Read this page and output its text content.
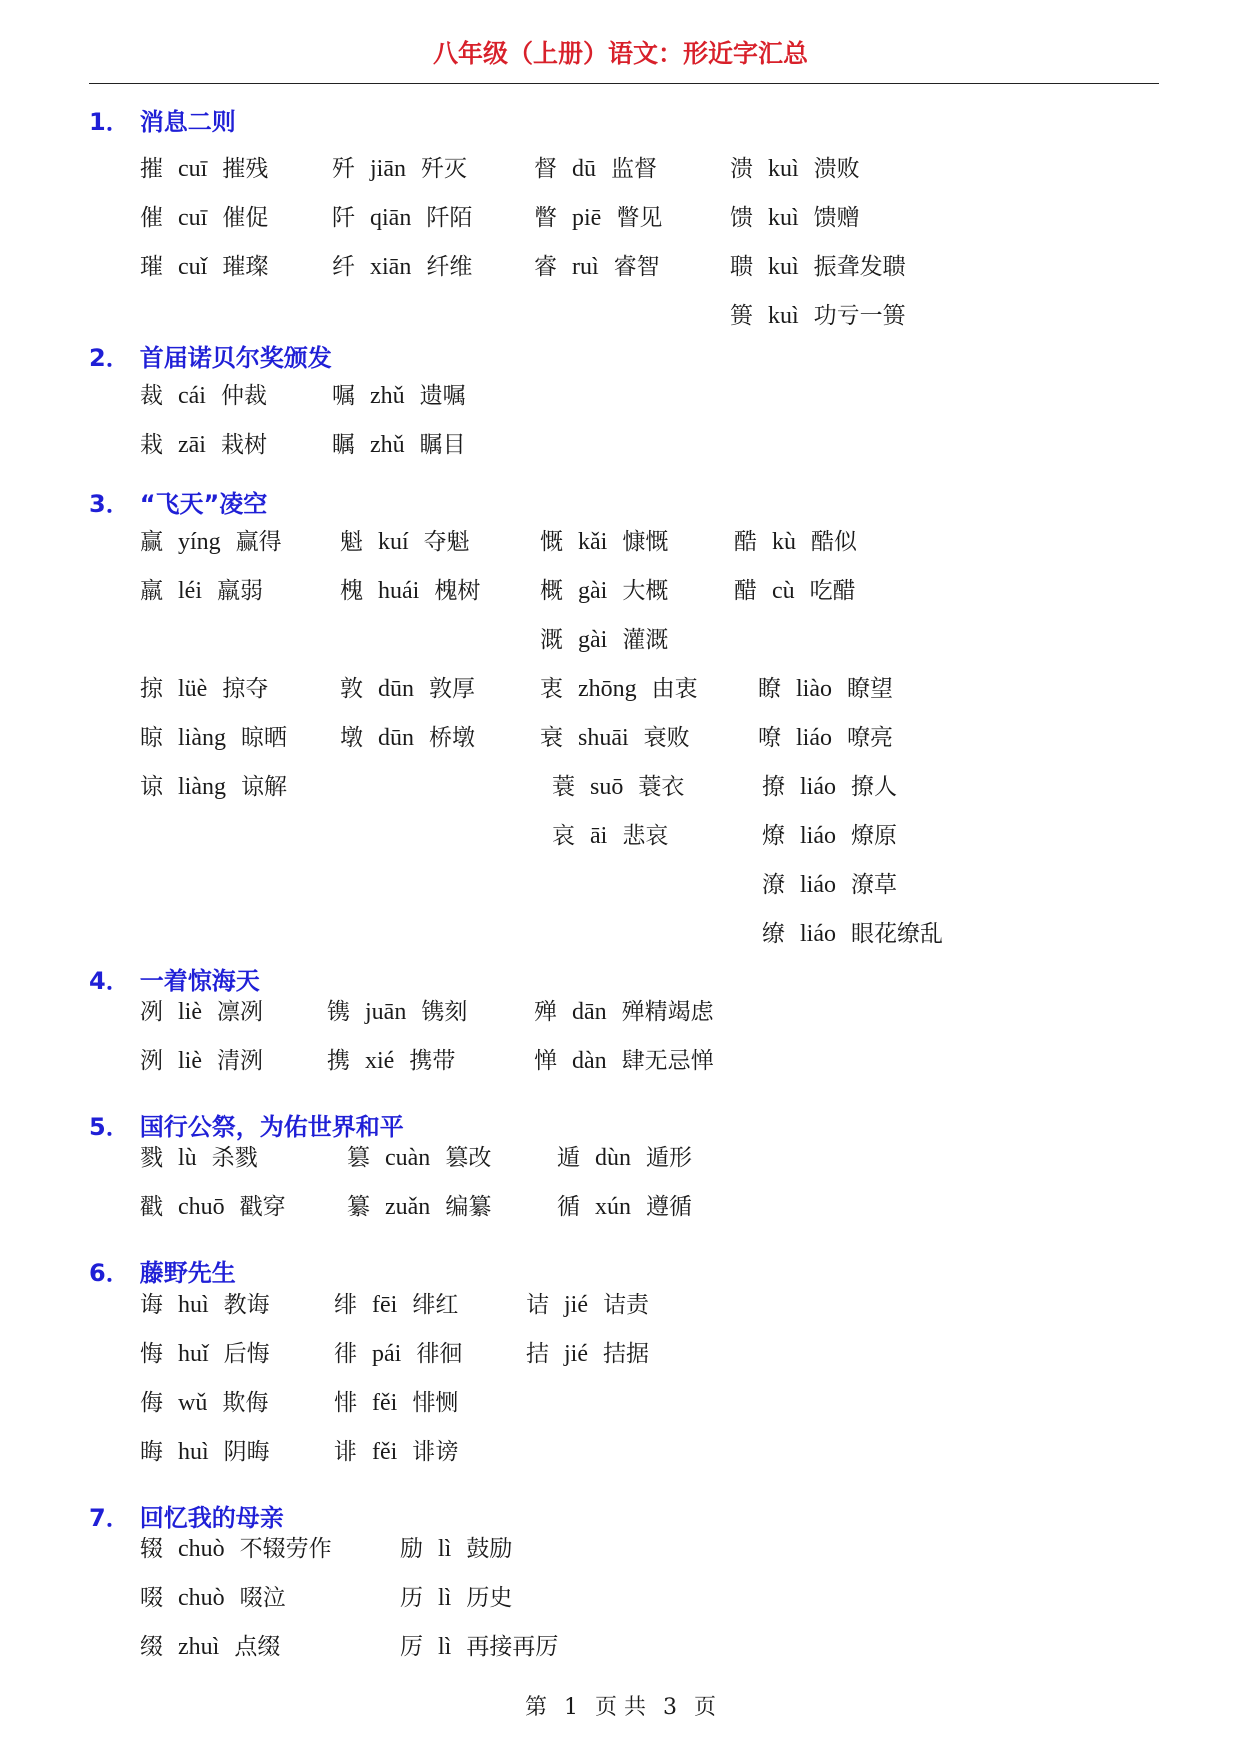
八年级（上册）语文：形近字汇总
1． 消息二则
摧 cuī 摧残
催 cuī 催促
璀 cuǐ 璀璨
歼 jiān 歼灭
阡 qiān 阡陌
纤 xiān 纤维
督 dū 监督
瞥 piē 瞥见
睿 ruì 睿智
溃 kuì 溃败
馈 kuì 馈赠
聩 kuì 振聋发聩
篑 kuì 功亏一篑
2． 首届诺贝尔奖颁发
裁 cái 仲裁
栽 zāi 栽树
嘱 zhǔ 遗嘱
瞩 zhǔ 瞩目
3． “飞天”凌空
赢 yíng 赢得
羸 léi 羸弱
掠 lüè 掠夺
晾 liàng 晾晒
谅 liàng 谅解
魁 kuí 夺魁
槐 huái 槐树
敦 dūn 敦厚
墩 dūn 桥墩
慨 kǎi 慷慨
概 gài 大概
溉 gài 灌溉
衷 zhōng 由衷
衰 shuāi 衰败
蓑 suō 蓑衣
哀 āi 悲哀
酷 kù 酷似
醋 cù 吃醋
瞭 liào 瞭望
嘹 liáo 嘹亮
撩 liáo 撩人
燎 liáo 燎原
潦 liáo 潦草
缭 liáo 眼花缭乱
4． 一着惊海天
冽 liè 凛冽
洌 liè 清洌
镌 juān 镌刻
携 xié 携带
殚 dān 殚精竭虑
惮 dàn 肆无忌惮
5． 国行公祭，为佑世界和平
戮 lù 杀戮
戳 chuō 戳穿
篡 cuàn 篡改
纂 zuǎn 编纂
遁 dùn 遁形
循 xún 遵循
6． 藤野先生
诲 huì 教诲
悔 huǐ 后悔
侮 wǔ 欺侮
晦 huì 阴晦
绯 fēi 绯红
徘 pái 徘徊
悱 fěi 悱恻
诽 fěi 诽谤
诘 jié 诘责
拮 jié 拮据
7． 回忆我的母亲
辍 chuò 不辍劳作
啜 chuò 啜泣
缀 zhuì 点缀
励 lì 鼓励
历 lì 历史
厉 lì 再接再厉
第 1 页 共 3 页
